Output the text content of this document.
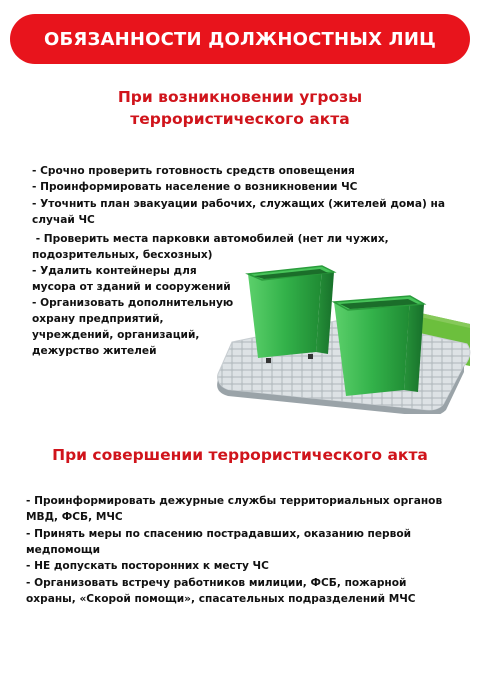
ОБЯЗАННОСТИ ДОЛЖНОСТНЫХ ЛИЦ
При возникновении угрозы
террористического акта

- Срочно проверить готовность средств оповещения

- Проинформировать население о возникновении ЧС

- Уточнить план эвакуации рабочих, служащих (жителей дома) на

случай ЧС

- Проверить места парковки автомобилей (нет ли чужих,

подозрительных, бесхозных)

- Удалить контейнеры для

мусора от зданий и сооружений

- Организовать дополнительную

охрану предприятий,

учреждений, организаций,

дежурство жителей

При совершении террористического акта

- Проинформировать дежурные службы территориальных органов

МВД, ФСБ, МЧС

- Принять меры по спасению пострадавших, оказанию первой

медпомощи

- НЕ допускать посторонних к месту ЧС

- Организовать встречу работников милиции, ФСБ, пожарной

охраны, «Скорой помощи», спасательных подразделений МЧС
